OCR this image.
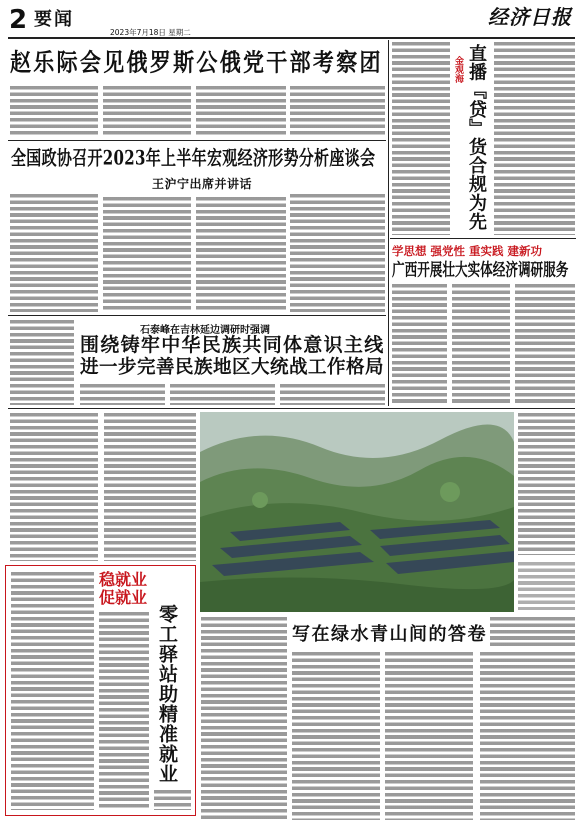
2 要闻
2023年7月18日 星期二
经济日报
赵乐际会见俄罗斯公俄党干部考察团
全国政协召开2023年上半年宏观经济形势分析座谈会
王沪宁出席并讲话
石泰峰在吉林延边调研时强调
围绕铸牢中华民族共同体意识主线
进一步完善民族地区大统战工作格局
金观海 直播『贷』货合规为先
学思想 强党性 重实践 建新功
广西开展壮大实体经济调研服务
稳就业
促就业
零工驿站助精准就业	写在绿水青山间的答卷
